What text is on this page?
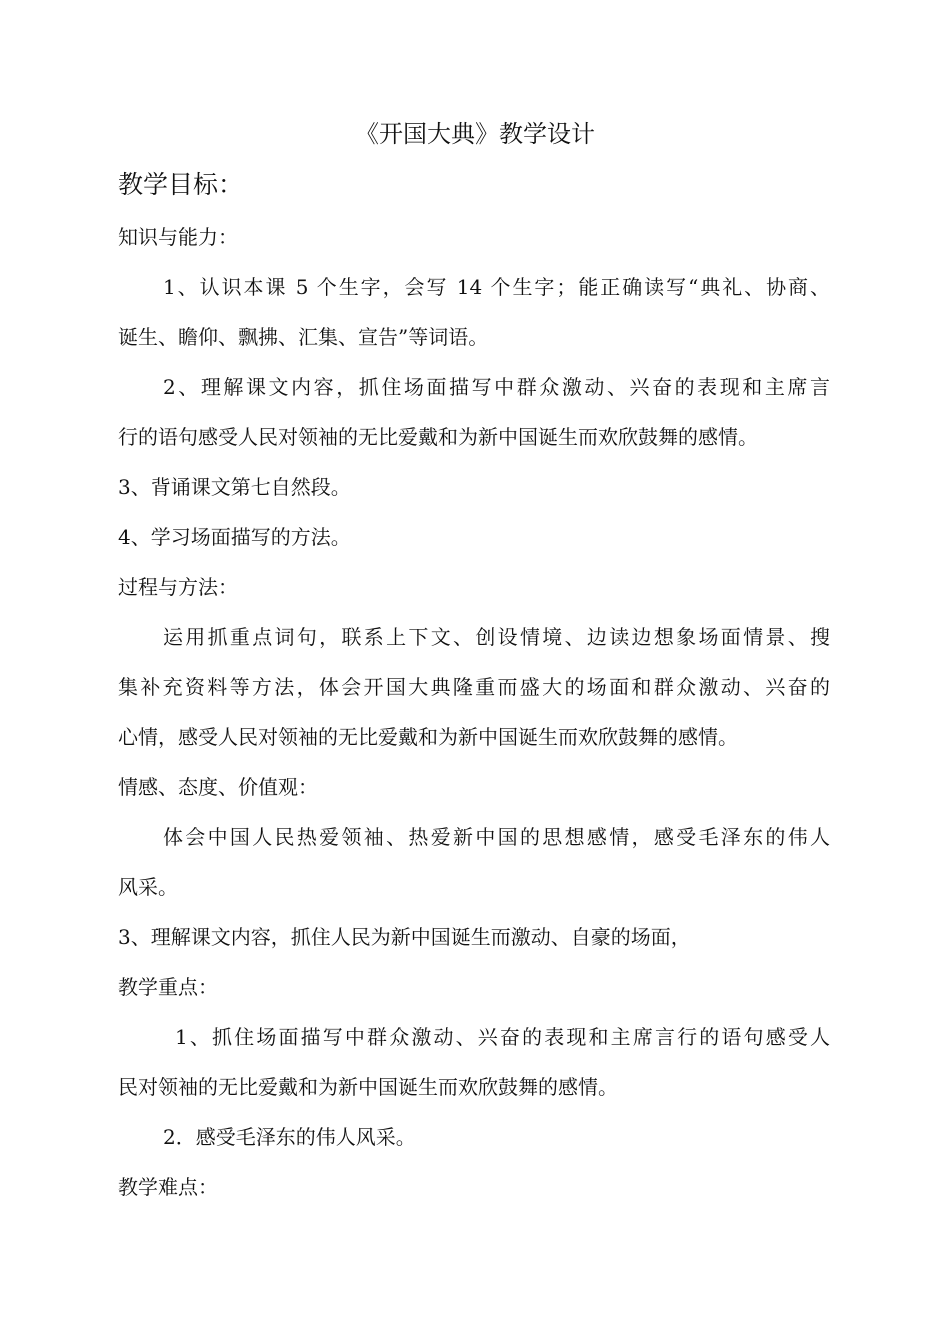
《开国大典》教学设计
教学目标：
知识与能力：
1、认识本课 5 个生字，会写 14 个生字；能正确读写“典礼、协商、
诞生、瞻仰、飘拂、汇集、宣告”等词语。
2、理解课文内容，抓住场面描写中群众激动、兴奋的表现和主席言
行的语句感受人民对领袖的无比爱戴和为新中国诞生而欢欣鼓舞的感情。
3、背诵课文第七自然段。
4、学习场面描写的方法。
过程与方法：
运用抓重点词句，联系上下文、创设情境、边读边想象场面情景、搜
集补充资料等方法，体会开国大典隆重而盛大的场面和群众激动、兴奋的
心情，感受人民对领袖的无比爱戴和为新中国诞生而欢欣鼓舞的感情。
情感、态度、价值观：
体会中国人民热爱领袖、热爱新中国的思想感情，感受毛泽东的伟人
风采。
3、理解课文内容，抓住人民为新中国诞生而激动、自豪的场面，
教学重点：
1、抓住场面描写中群众激动、兴奋的表现和主席言行的语句感受人
民对领袖的无比爱戴和为新中国诞生而欢欣鼓舞的感情。
2．感受毛泽东的伟人风采。
教学难点：
